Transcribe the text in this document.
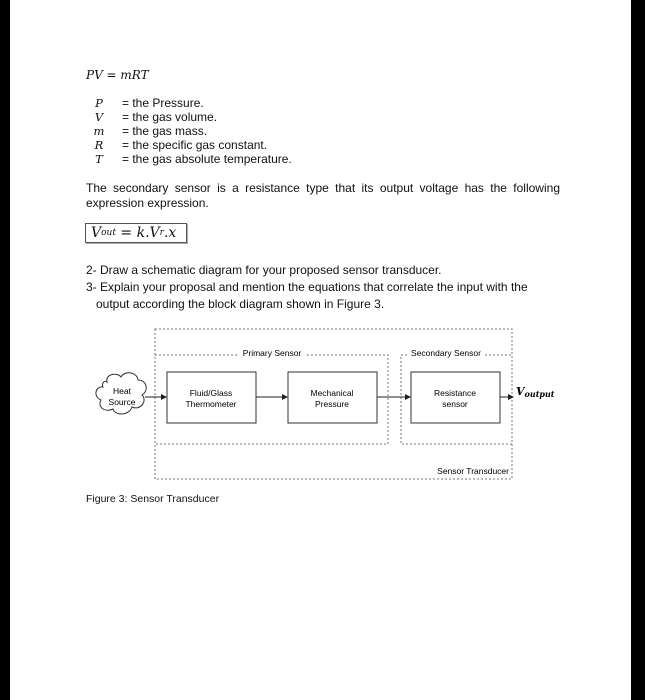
PV = mRT
P	= the Pressure.
V	= the gas volume.
m	= the gas mass.
R	= the specific gas constant.
T	= the gas absolute temperature.
The secondary sensor is a resistance type that its output voltage has the following expression expression.
V out = k.V r .x
2- Draw a schematic diagram for your proposed sensor transducer.
3- Explain your proposal and mention the equations that correlate the input with the
output according the block diagram shown in Figure 3.
Primary Sensor	Secondary Sensor
Heat
Source
Fluid/Glass
Thermometer
Mechanical
Pressure
Resistance
sensor
Voutput
Sensor Transducer
Figure 3: Sensor Transducer
